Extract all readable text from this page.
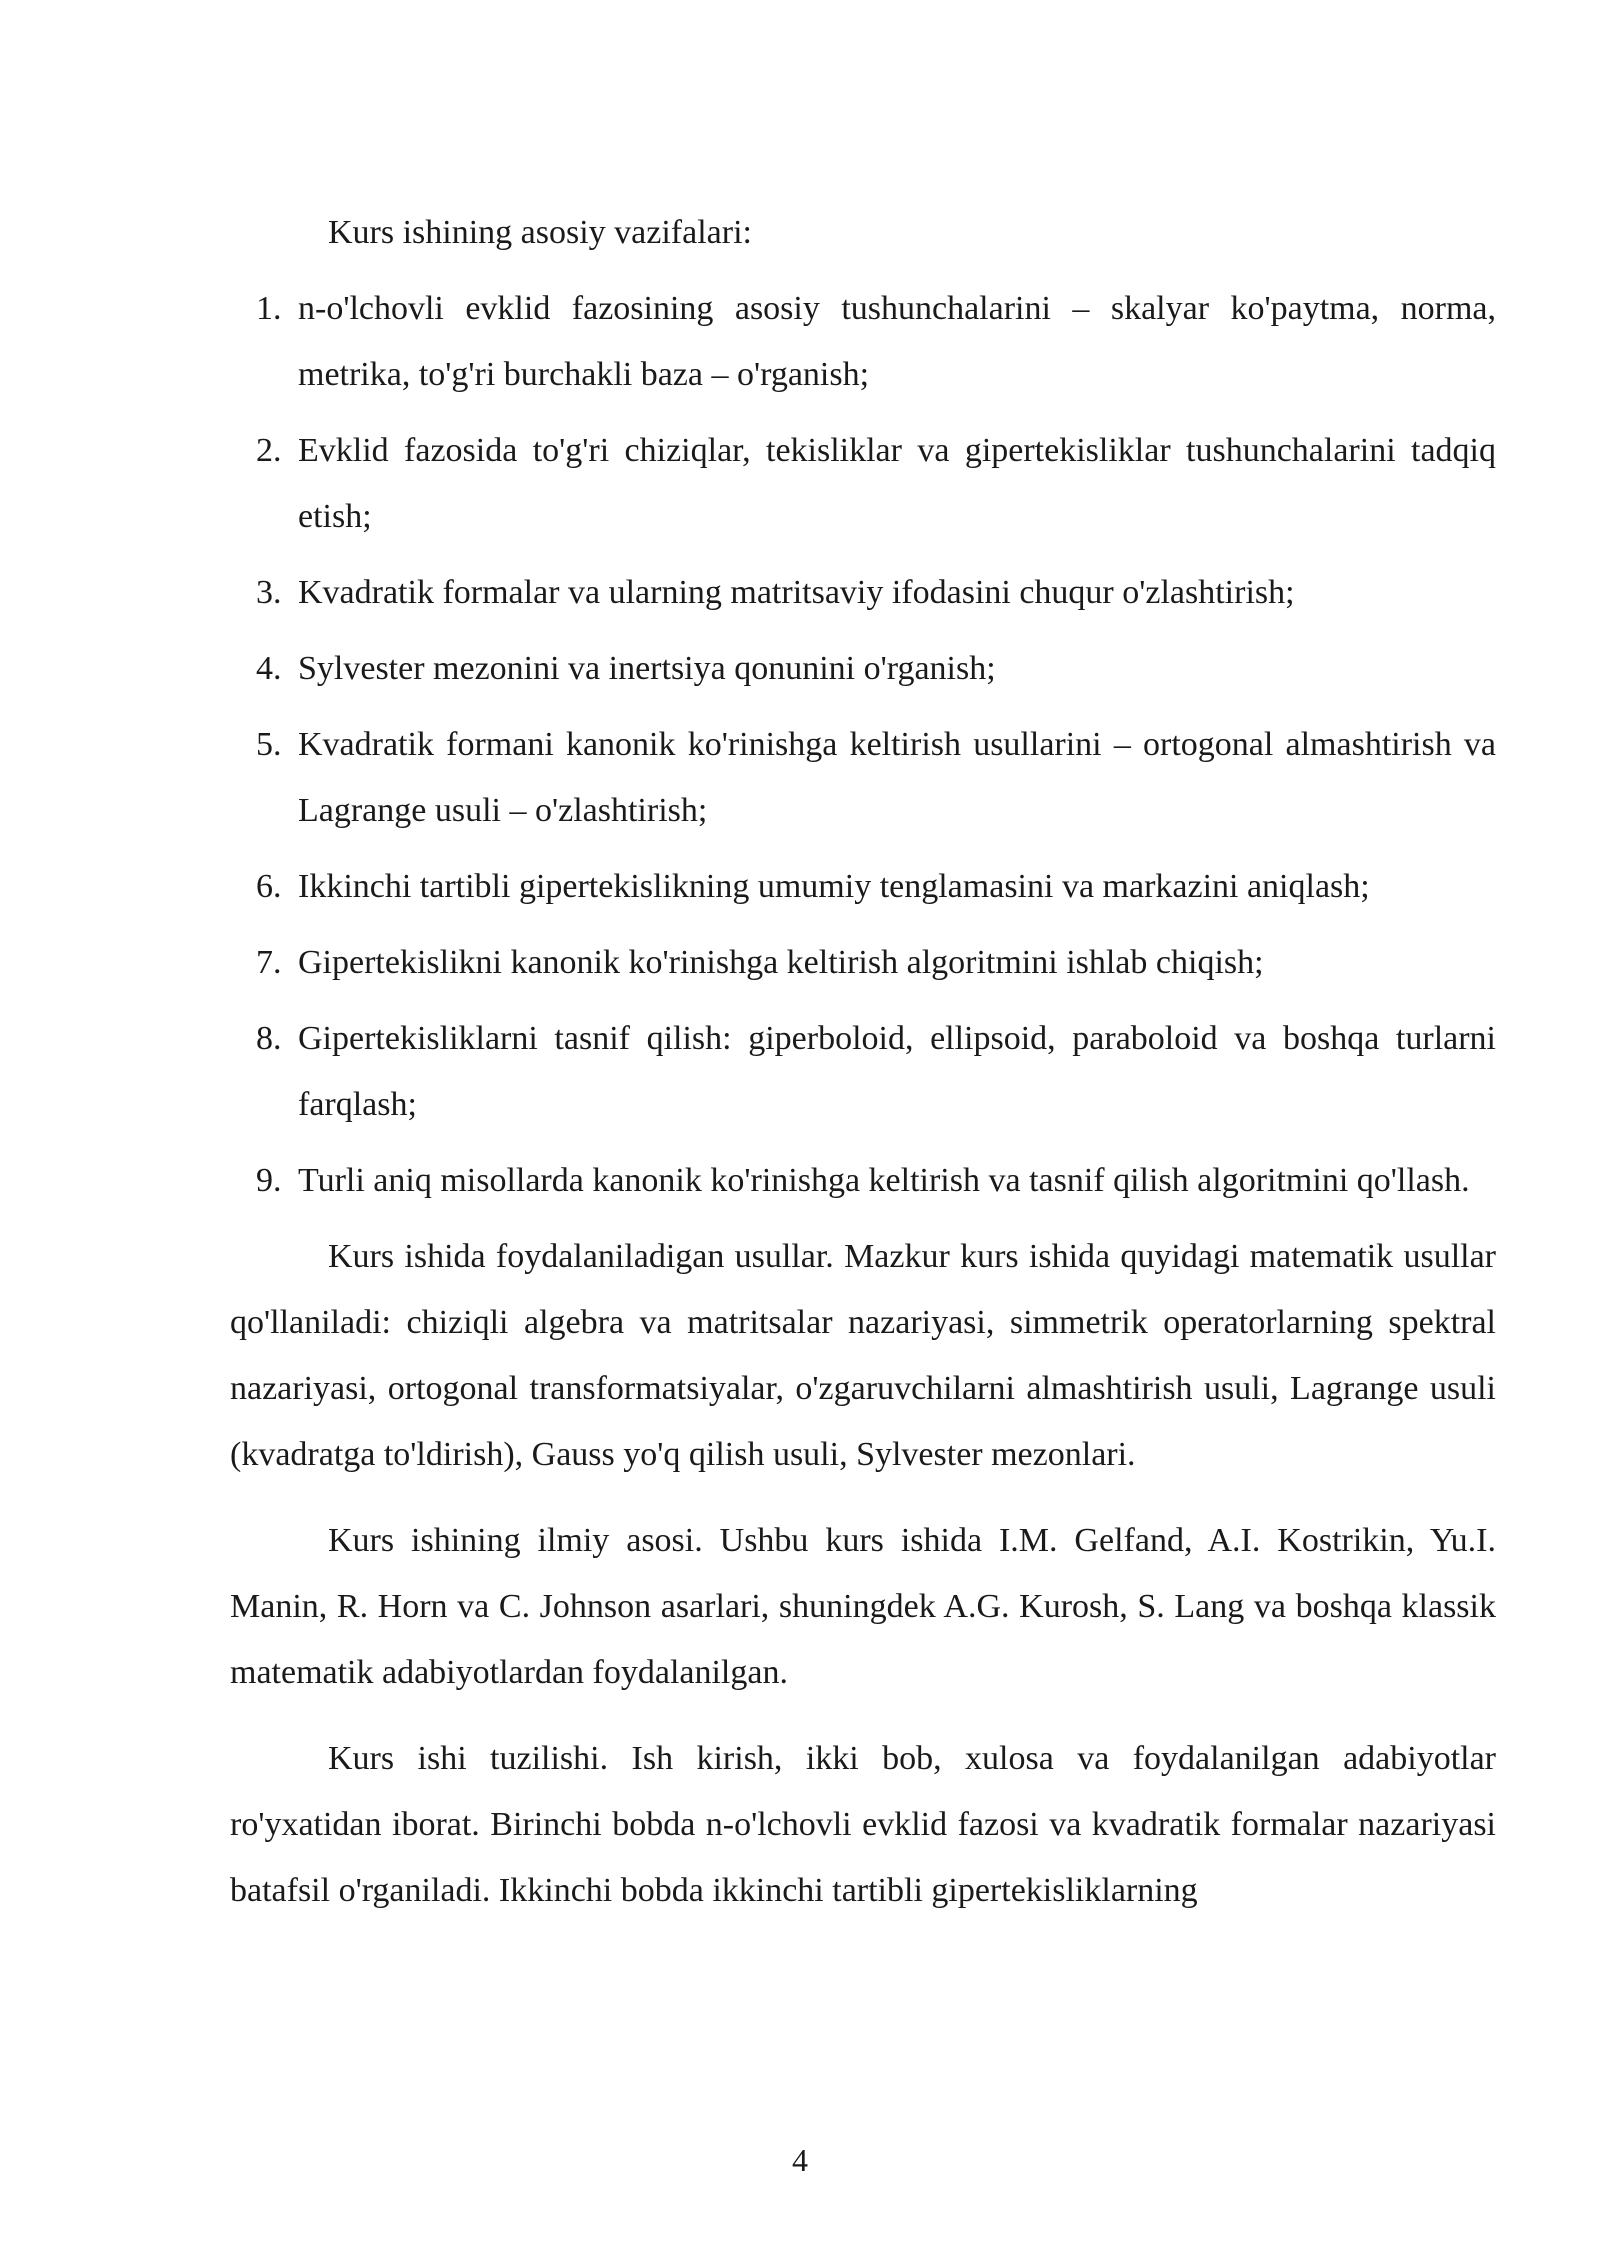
Kurs ishining asosiy vazifalari:
1. n-o'lchovli evklid fazosining asosiy tushunchalarini – skalyar ko'paytma, norma, metrika, to'g'ri burchakli baza – o'rganish;
2. Evklid fazosida to'g'ri chiziqlar, tekisliklar va gipertekisliklar tushunchalarini tadqiq etish;
3. Kvadratik formalar va ularning matritsaviy ifodasini chuqur o'zlashtirish;
4. Sylvester mezonini va inertsiya qonunini o'rganish;
5. Kvadratik formani kanonik ko'rinishga keltirish usullarini – ortogonal almashtirish va Lagrange usuli – o'zlashtirish;
6. Ikkinchi tartibli gipertekislikning umumiy tenglamasini va markazini aniqlash;
7. Gipertekislikni kanonik ko'rinishga keltirish algoritmini ishlab chiqish;
8. Gipertekisliklarni tasnif qilish: giperboloid, ellipsoid, paraboloid va boshqa turlarni farqlash;
9. Turli aniq misollarda kanonik ko'rinishga keltirish va tasnif qilish algoritmini qo'llash.

Kurs ishida foydalaniladigan usullar. Mazkur kurs ishida quyidagi matematik usullar qo'llaniladi: chiziqli algebra va matritsalar nazariyasi, simmetrik operatorlarning spektral nazariyasi, ortogonal transformatsiyalar, o'zgaruvchilarni almashtirish usuli, Lagrange usuli (kvadratga to'ldirish), Gauss yo'q qilish usuli, Sylvester mezonlari.

Kurs ishining ilmiy asosi. Ushbu kurs ishida I.M. Gelfand, A.I. Kostrikin, Yu.I. Manin, R. Horn va C. Johnson asarlari, shuningdek A.G. Kurosh, S. Lang va boshqa klassik matematik adabiyotlardan foydalanilgan.

Kurs ishi tuzilishi. Ish kirish, ikki bob, xulosa va foydalanilgan adabiyotlar ro'yxatidan iborat. Birinchi bobda n-o'lchovli evklid fazosi va kvadratik formalar nazariyasi batafsil o'rganiladi. Ikkinchi bobda ikkinchi tartibli gipertekisliklarning

4
